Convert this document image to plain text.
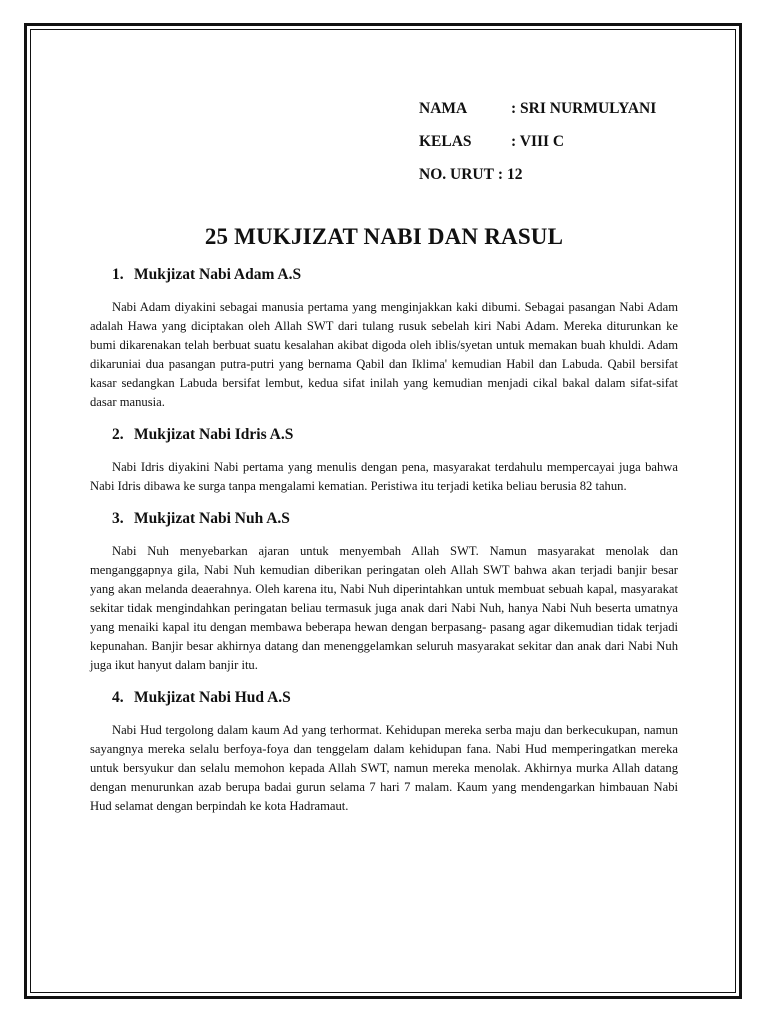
NAMA	: SRI NURMULYANI
KELAS	: VIII C
NO. URUT : 12
25 MUKJIZAT NABI DAN RASUL
1. Mukjizat Nabi Adam A.S

Nabi Adam diyakini sebagai manusia pertama yang menginjakkan kaki dibumi. Sebagai pasangan Nabi Adam adalah Hawa yang diciptakan oleh Allah SWT dari tulang rusuk sebelah kiri Nabi Adam. Mereka diturunkan ke bumi dikarenakan telah berbuat suatu kesalahan akibat digoda oleh iblis/syetan untuk memakan buah khuldi. Adam dikaruniai dua pasangan putra-putri yang bernama Qabil dan Iklima' kemudian Habil dan Labuda. Qabil bersifat kasar sedangkan Labuda bersifat lembut, kedua sifat inilah yang kemudian menjadi cikal bakal dalam sifat-sifat dasar manusia.

2. Mukjizat Nabi Idris A.S

Nabi Idris diyakini Nabi pertama yang menulis dengan pena, masyarakat terdahulu mempercayai juga bahwa Nabi Idris dibawa ke surga tanpa mengalami kematian. Peristiwa itu terjadi ketika beliau berusia 82 tahun.

3. Mukjizat Nabi Nuh A.S

Nabi Nuh menyebarkan ajaran untuk menyembah Allah SWT. Namun masyarakat menolak dan menganggapnya gila, Nabi Nuh kemudian diberikan peringatan oleh Allah SWT bahwa akan terjadi banjir besar yang akan melanda deaerahnya. Oleh karena itu, Nabi Nuh diperintahkan untuk membuat sebuah kapal, masyarakat sekitar tidak mengindahkan peringatan beliau termasuk juga anak dari Nabi Nuh, hanya Nabi Nuh beserta umatnya yang menaiki kapal itu dengan membawa beberapa hewan dengan berpasang- pasang agar dikemudian tidak terjadi kepunahan. Banjir besar akhirnya datang dan menenggelamkan seluruh masyarakat sekitar dan anak dari Nabi Nuh juga ikut hanyut dalam banjir itu.

4. Mukjizat Nabi Hud A.S

Nabi Hud tergolong dalam kaum Ad yang terhormat. Kehidupan mereka serba maju dan berkecukupan, namun sayangnya mereka selalu berfoya-foya dan tenggelam dalam kehidupan fana. Nabi Hud memperingatkan mereka untuk bersyukur dan selalu memohon kepada Allah SWT, namun mereka menolak. Akhirnya murka Allah datang dengan menurunkan azab berupa badai gurun selama 7 hari 7 malam. Kaum yang mendengarkan himbauan Nabi Hud selamat dengan berpindah ke kota Hadramaut.
